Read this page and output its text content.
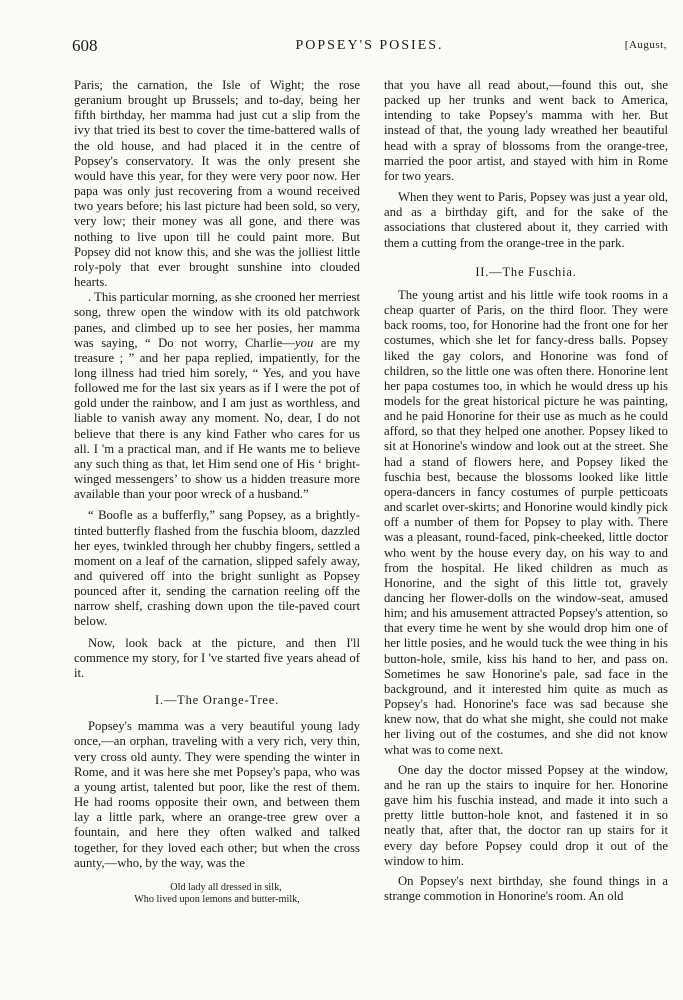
608	POPSEY'S POSIES.	[August,

Paris; the carnation, the Isle of Wight; the rose geranium brought up Brussels; and to-day, being her fifth birthday, her mamma had just cut a slip from the ivy that tried its best to cover the time-battered walls of the old house, and had placed it in the centre of Popsey's conservatory. It was the only present she would have this year, for they were very poor now. Her papa was only just recovering from a wound received two years before; his last picture had been sold, so very, very low; their money was all gone, and there was nothing to live upon till he could paint more. But Popsey did not know this, and she was the jolliest little roly-poly that ever brought sunshine into clouded hearts.

. This particular morning, as she crooned her merriest song, threw open the window with its old patchwork panes, and climbed up to see her posies, her mamma was saying, “ Do not worry, Charlie—you are my treasure ; ” and her papa replied, impatiently, for the long illness had tried him sorely, “ Yes, and you have followed me for the last six years as if I were the pot of gold under the rainbow, and I am just as worthless, and liable to vanish away any moment. No, dear, I do not believe that there is any kind Father who cares for us all. I 'm a practical man, and if He wants me to believe any such thing as that, let Him send one of His ‘ bright-winged messengers’ to show us a hidden treasure more available than your poor wreck of a husband.”

“ Boofle as a bufferfly,” sang Popsey, as a brightly-tinted butterfly flashed from the fuschia bloom, dazzled her eyes, twinkled through her chubby fingers, settled a moment on a leaf of the carnation, slipped safely away, and quivered off into the bright sunlight as Popsey pounced after it, sending the carnation reeling off the narrow shelf, crashing down upon the tile-paved court below.

Now, look back at the picture, and then I'll commence my story, for I 've started five years ahead of it.

I.—The Orange-Tree.

Popsey's mamma was a very beautiful young lady once,—an orphan, traveling with a very rich, very thin, very cross old aunty. They were spending the winter in Rome, and it was here she met Popsey's papa, who was a young artist, talented but poor, like the rest of them. He had rooms opposite their own, and between them lay a little park, where an orange-tree grew over a fountain, and here they often walked and talked together, for they loved each other; but when the cross aunty,—who, by the way, was the

Old lady all dressed in silk,
Who lived upon lemons and butter-milk,

that you have all read about,—found this out, she packed up her trunks and went back to America, intending to take Popsey's mamma with her. But instead of that, the young lady wreathed her beautiful head with a spray of blossoms from the orange-tree, married the poor artist, and stayed with him in Rome for two years.

When they went to Paris, Popsey was just a year old, and as a birthday gift, and for the sake of the associations that clustered about it, they carried with them a cutting from the orange-tree in the park.

II.—The Fuschia.

The young artist and his little wife took rooms in a cheap quarter of Paris, on the third floor. They were back rooms, too, for Honorine had the front one for her costumes, which she let for fancy-dress balls. Popsey liked the gay colors, and Honorine was fond of children, so the little one was often there. Honorine lent her papa costumes too, in which he would dress up his models for the great historical picture he was painting, and he paid Honorine for their use as much as he could afford, so that they helped one another. Popsey liked to sit at Honorine's window and look out at the street. She had a stand of flowers here, and Popsey liked the fuschia best, because the blossoms looked like little opera-dancers in fancy costumes of purple petticoats and scarlet over-skirts; and Honorine would kindly pick off a number of them for Popsey to play with. There was a pleasant, round-faced, pink-cheeked, little doctor who went by the house every day, on his way to and from the hospital. He liked children as much as Honorine, and the sight of this little tot, gravely dancing her flower-dolls on the window-seat, amused him; and his amusement attracted Popsey's attention, so that every time he went by she would drop him one of her little posies, and he would tuck the wee thing in his button-hole, smile, kiss his hand to her, and pass on. Sometimes he saw Honorine's pale, sad face in the background, and it interested him quite as much as Popsey's had. Honorine's face was sad because she knew now, that do what she might, she could not make her living out of the costumes, and she did not know what was to come next.

One day the doctor missed Popsey at the window, and he ran up the stairs to inquire for her. Honorine gave him his fuschia instead, and made it into such a pretty little button-hole knot, and fastened it in so neatly that, after that, the doctor ran up stairs for it every day before Popsey could drop it out of the window to him.

On Popsey's next birthday, she found things in a strange commotion in Honorine's room. An old
